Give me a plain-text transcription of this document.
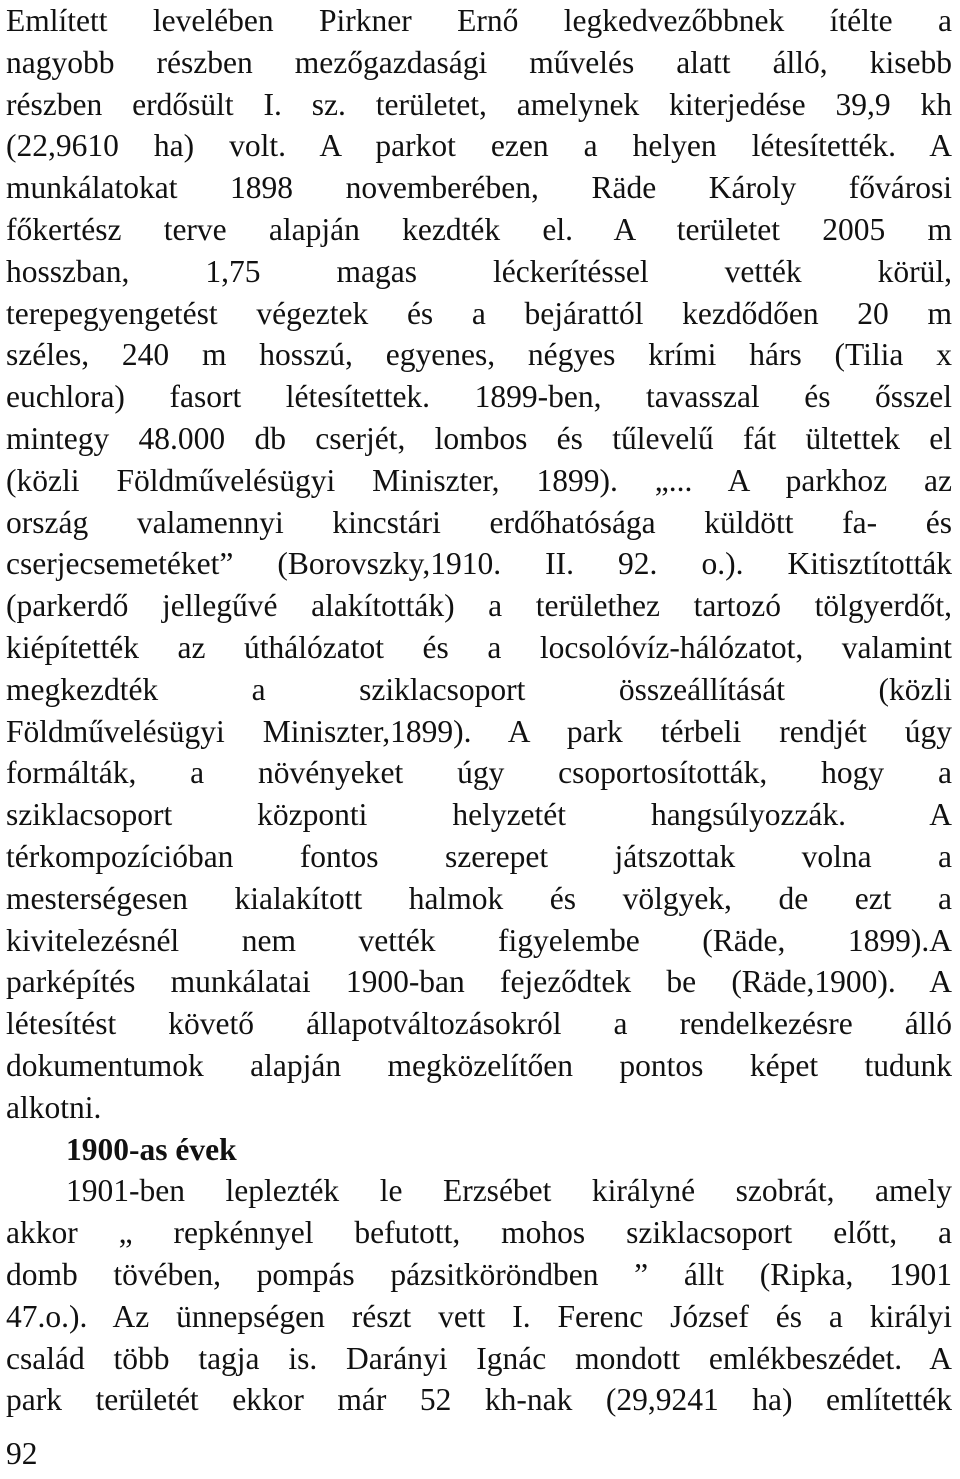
Említett levelében Pirkner Ernő legkedvezőbbnek ítélte a
nagyobb részben mezőgazdasági művelés alatt álló, kisebb
részben erdősült I. sz. területet, amelynek kiterjedése 39,9 kh
(22,9610 ha) volt. A parkot ezen a helyen létesítették. A
munkálatokat 1898 novemberében, Räde Károly fővárosi
főkertész terve alapján kezdték el. A területet 2005 m
hosszban, 1,75 magas léckerítéssel vették körül,
terepegyengetést végeztek és a bejárattól kezdődően 20 m
széles, 240 m hosszú, egyenes, négyes krími hárs (Tilia x
euchlora) fasort létesítettek. 1899-ben, tavasszal és ősszel
mintegy 48.000 db cserjét, lombos és tűlevelű fát ültettek el
(közli Földművelésügyi Miniszter, 1899). „... A parkhoz az
ország valamennyi kincstári erdőhatósága küldött fa- és
cserjecsemetéket” (Borovszky,1910. II. 92. o.). Kitisztították
(parkerdő jellegűvé alakították) a területhez tartozó tölgyerdőt,
kiépítették az úthálózatot és a locsolóvíz-hálózatot, valamint
megkezdték a sziklacsoport összeállítását (közli
Földművelésügyi Miniszter,1899). A park térbeli rendjét úgy
formálták, a növényeket úgy csoportosították, hogy a
sziklacsoport központi helyzetét hangsúlyozzák. A
térkompozícióban fontos szerepet játszottak volna a
mesterségesen kialakított halmok és völgyek, de ezt a
kivitelezésnél nem vették figyelembe (Räde, 1899).A
parképítés munkálatai 1900-ban fejeződtek be (Räde,1900). A
létesítést követő állapotváltozásokról a rendelkezésre álló
dokumentumok alapján megközelítően pontos képet tudunk
alkotni.
1900-as évek
1901-ben leplezték le Erzsébet királyné szobrát, amely
akkor „ repkénnyel befutott, mohos sziklacsoport előtt, a
domb tövében, pompás pázsitköröndben ” állt (Ripka, 1901
47.o.). Az ünnepségen részt vett I. Ferenc József és a királyi
család több tagja is. Darányi Ignác mondott emlékbeszédet. A
park területét ekkor már 52 kh-nak (29,9241 ha) említették
92
